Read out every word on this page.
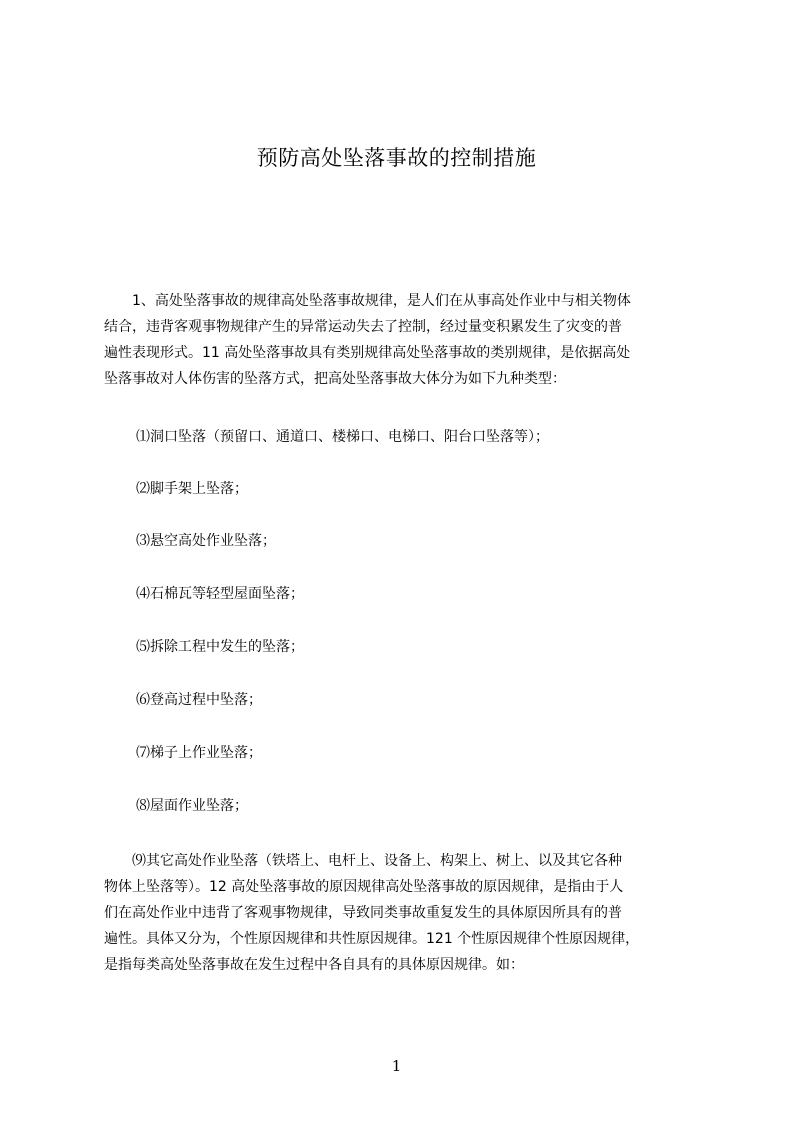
预防高处坠落事故的控制措施
　　1、高处坠落事故的规律高处坠落事故规律，是人们在从事高处作业中与相关物体
结合，违背客观事物规律产生的异常运动失去了控制，经过量变积累发生了灾变的普
遍性表现形式。11 高处坠落事故具有类别规律高处坠落事故的类别规律，是依据高处
坠落事故对人体伤害的坠落方式，把高处坠落事故大体分为如下九种类型：
⑴洞口坠落（预留口、通道口、楼梯口、电梯口、阳台口坠落等）；
⑵脚手架上坠落；
⑶悬空高处作业坠落；
⑷石棉瓦等轻型屋面坠落；
⑸拆除工程中发生的坠落；
⑹登高过程中坠落；
⑺梯子上作业坠落；
⑻屋面作业坠落；
　　⑼其它高处作业坠落（铁塔上、电杆上、设备上、构架上、树上、以及其它各种
物体上坠落等）。12 高处坠落事故的原因规律高处坠落事故的原因规律，是指由于人
们在高处作业中违背了客观事物规律，导致同类事故重复发生的具体原因所具有的普
遍性。具体又分为，个性原因规律和共性原因规律。121 个性原因规律个性原因规律，
是指每类高处坠落事故在发生过程中各自具有的具体原因规律。如：
1
